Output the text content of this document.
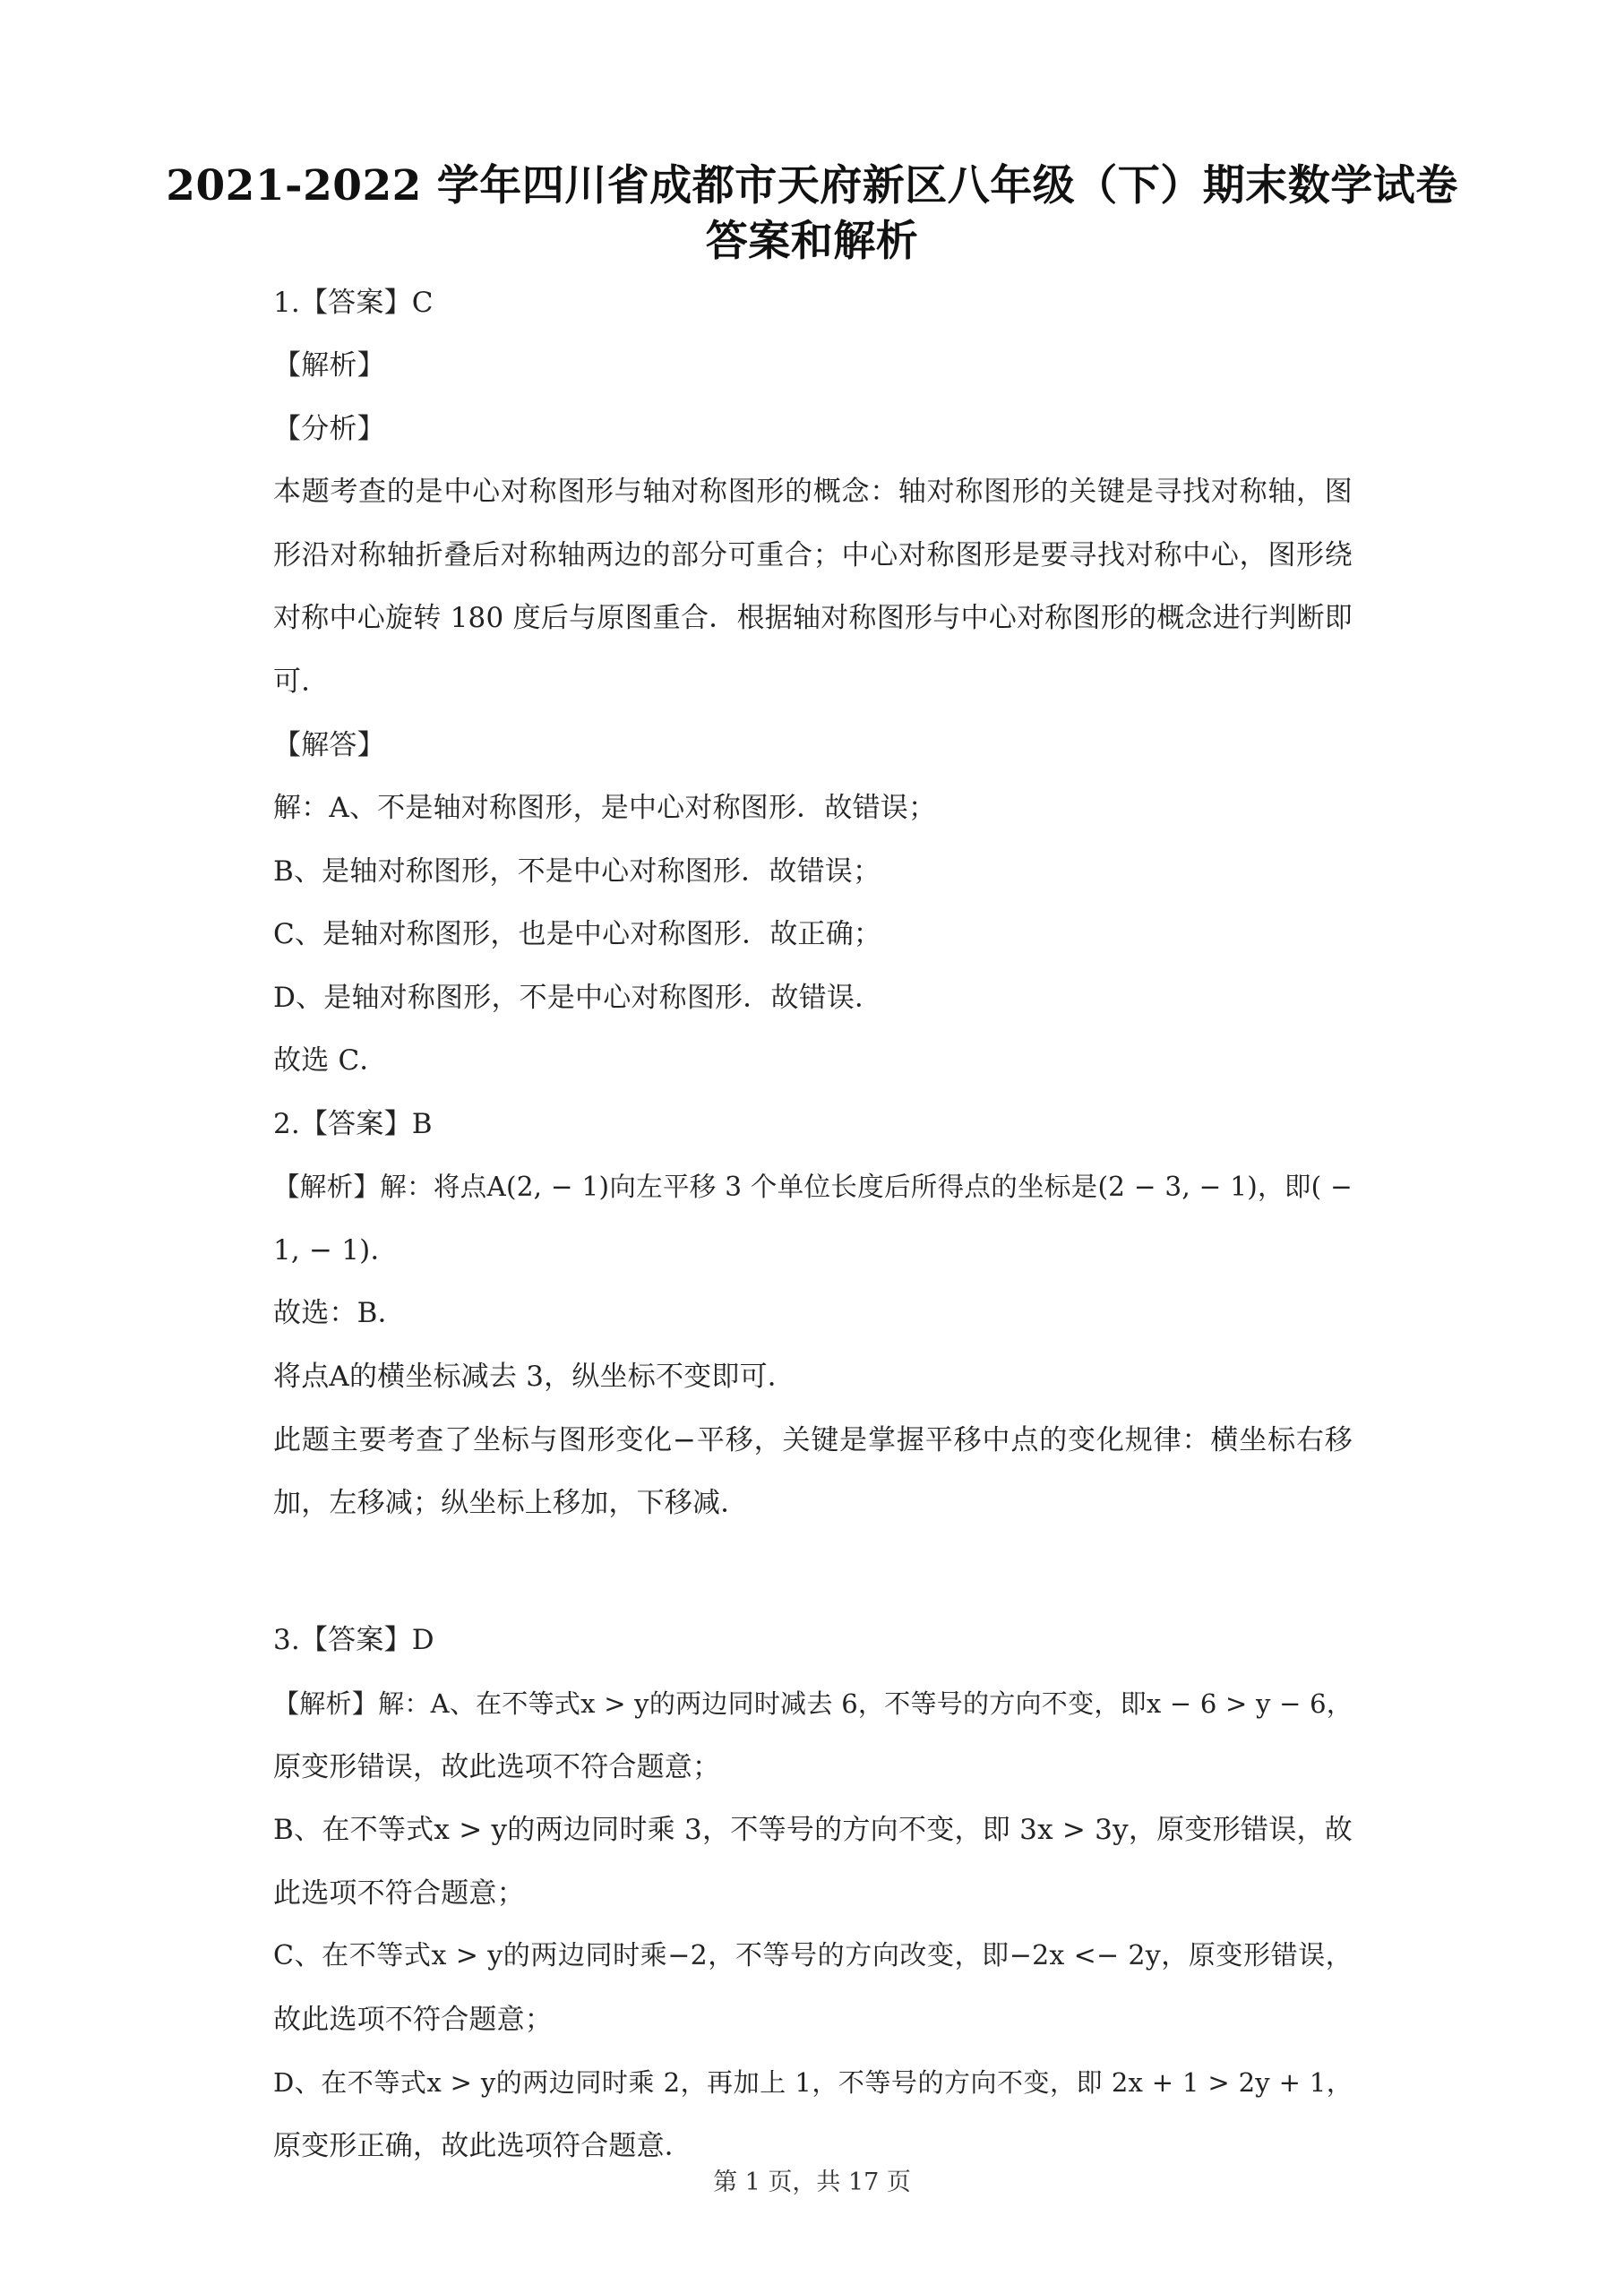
2021-2022 学年四川省成都市天府新区八年级（下）期末数学试卷
答案和解析
1.【答案】C
【解析】
【分析】
本题考查的是中心对称图形与轴对称图形的概念：轴对称图形的关键是寻找对称轴，图
形沿对称轴折叠后对称轴两边的部分可重合；中心对称图形是要寻找对称中心，图形绕
对称中心旋转 180 度后与原图重合．根据轴对称图形与中心对称图形的概念进行判断即
可．
【解答】
解：A、不是轴对称图形，是中心对称图形．故错误；
B、是轴对称图形，不是中心对称图形．故错误；
C、是轴对称图形，也是中心对称图形．故正确；
D、是轴对称图形，不是中心对称图形．故错误．
故选 C．
2.【答案】B
【解析】解：将点A(2, − 1)向左平移 3 个单位长度后所得点的坐标是(2 − 3, − 1)，即( −
1, − 1)．
故选：B．
将点A的横坐标减去 3，纵坐标不变即可．
此题主要考查了坐标与图形变化−平移，关键是掌握平移中点的变化规律：横坐标右移
加，左移减；纵坐标上移加，下移减．
3.【答案】D
【解析】解：A、在不等式x > y的两边同时减去 6，不等号的方向不变，即x − 6 > y − 6，
原变形错误，故此选项不符合题意；
B、在不等式x > y的两边同时乘 3，不等号的方向不变，即 3x > 3y，原变形错误，故
此选项不符合题意；
C、在不等式x > y的两边同时乘−2，不等号的方向改变，即−2x <− 2y，原变形错误，
故此选项不符合题意；
D、在不等式x > y的两边同时乘 2，再加上 1，不等号的方向不变，即 2x + 1 > 2y + 1，
原变形正确，故此选项符合题意．
第 1 页，共 17 页
